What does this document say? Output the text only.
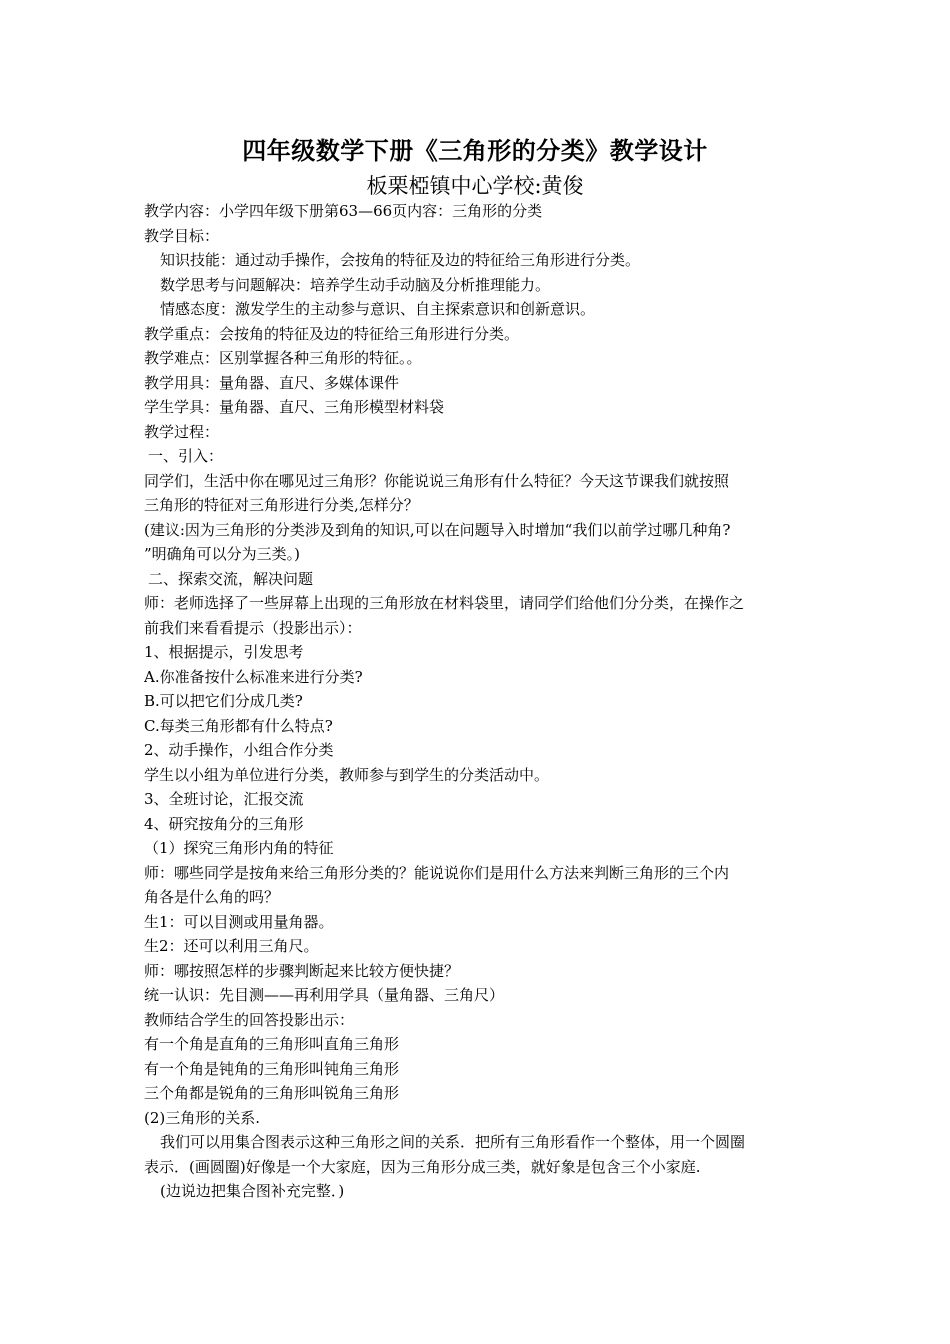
四年级数学下册《三角形的分类》教学设计
板栗椏镇中心学校:黄俊
教学内容：小学四年级下册第63—66页内容：三角形的分类
教学目标：
知识技能：通过动手操作，会按角的特征及边的特征给三角形进行分类。
数学思考与问题解决：培养学生动手动脑及分析推理能力。
情感态度：激发学生的主动参与意识、自主探索意识和创新意识。
教学重点：会按角的特征及边的特征给三角形进行分类。
教学难点：区别掌握各种三角形的特征。。
教学用具：量角器、直尺、多媒体课件
学生学具：量角器、直尺、三角形模型材料袋
教学过程：
一、引入：
同学们，生活中你在哪见过三角形？你能说说三角形有什么特征？今天这节课我们就按照
三角形的特征对三角形进行分类,怎样分？
(建议:因为三角形的分类涉及到角的知识,可以在问题导入时增加“我们以前学过哪几种角?
”明确角可以分为三类。)
二、探索交流，解决问题
师：老师选择了一些屏幕上出现的三角形放在材料袋里，请同学们给他们分分类，在操作之
前我们来看看提示（投影出示）：
1、根据提示，引发思考
A.你准备按什么标准来进行分类?
B.可以把它们分成几类?
C.每类三角形都有什么特点?
2、动手操作，小组合作分类
学生以小组为单位进行分类，教师参与到学生的分类活动中。
3、全班讨论，汇报交流
4、研究按角分的三角形
（1）探究三角形内角的特征
师：哪些同学是按角来给三角形分类的？能说说你们是用什么方法来判断三角形的三个内
角各是什么角的吗？
生1：可以目测或用量角器。
生2：还可以利用三角尺。
师：哪按照怎样的步骤判断起来比较方便快捷？
统一认识：先目测——再利用学具（量角器、三角尺）
教师结合学生的回答投影出示：
有一个角是直角的三角形叫直角三角形
有一个角是钝角的三角形叫钝角三角形
三个角都是锐角的三角形叫锐角三角形
(2)三角形的关系.
我们可以用集合图表示这种三角形之间的关系．把所有三角形看作一个整体，用一个圆圈
表示．(画圆圈)好像是一个大家庭，因为三角形分成三类，就好象是包含三个小家庭.
(边说边把集合图补充完整．)
